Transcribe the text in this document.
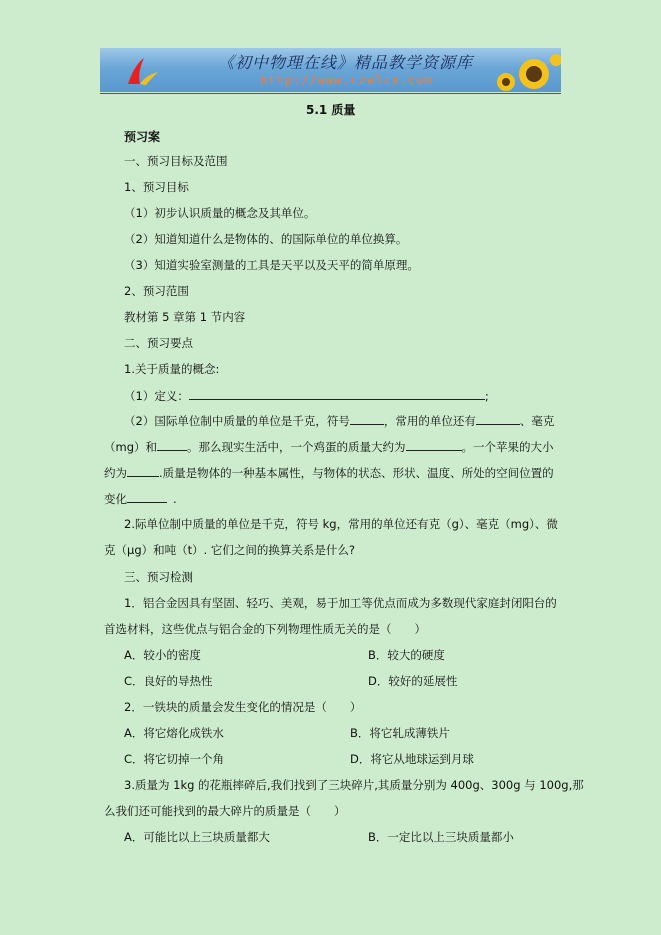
《初中物理在线》精品教学资源库
http://www.czwlzx.com
5.1 质量
预习案
一、预习目标及范围
1、预习目标
（1）初步认识质量的概念及其单位。
（2）知道知道什么是物体的、的国际单位的单位换算。
（3）知道实验室测量的工具是天平以及天平的简单原理。
2、预习范围
教材第 5 章第 1 节内容
二、预习要点
1.关于质量的概念:
（1）定义：	;
（2）国际单位制中质量的单位是千克，符号	，常用的单位还有	、毫克
（mg）和	。那么现实生活中，一个鸡蛋的质量大约为	。一个苹果的大小
约为	.质量是物体的一种基本属性，与物体的状态、形状、温度、所处的空间位置的
变化	.
2.际单位制中质量的单位是千克，符号 kg，常用的单位还有克（g）、毫克（mg）、微
克（μg）和吨（t）. 它们之间的换算关系是什么?
三、预习检测
1．铝合金因具有坚固、轻巧、美观，易于加工等优点而成为多数现代家庭封闭阳台的
首选材料，这些优点与铝合金的下列物理性质无关的是（　　）
A．较小的密度	B．较大的硬度
C．良好的导热性	D．较好的延展性
2．一铁块的质量会发生变化的情况是（　　）
A．将它熔化成铁水	B．将它轧成薄铁片
C．将它切掉一个角	D．将它从地球运到月球
3.质量为 1kg 的花瓶摔碎后,我们找到了三块碎片,其质量分别为 400g、300g 与 100g,那
么我们还可能找到的最大碎片的质量是（　　）
A．可能比以上三块质量都大	B．一定比以上三块质量都小
